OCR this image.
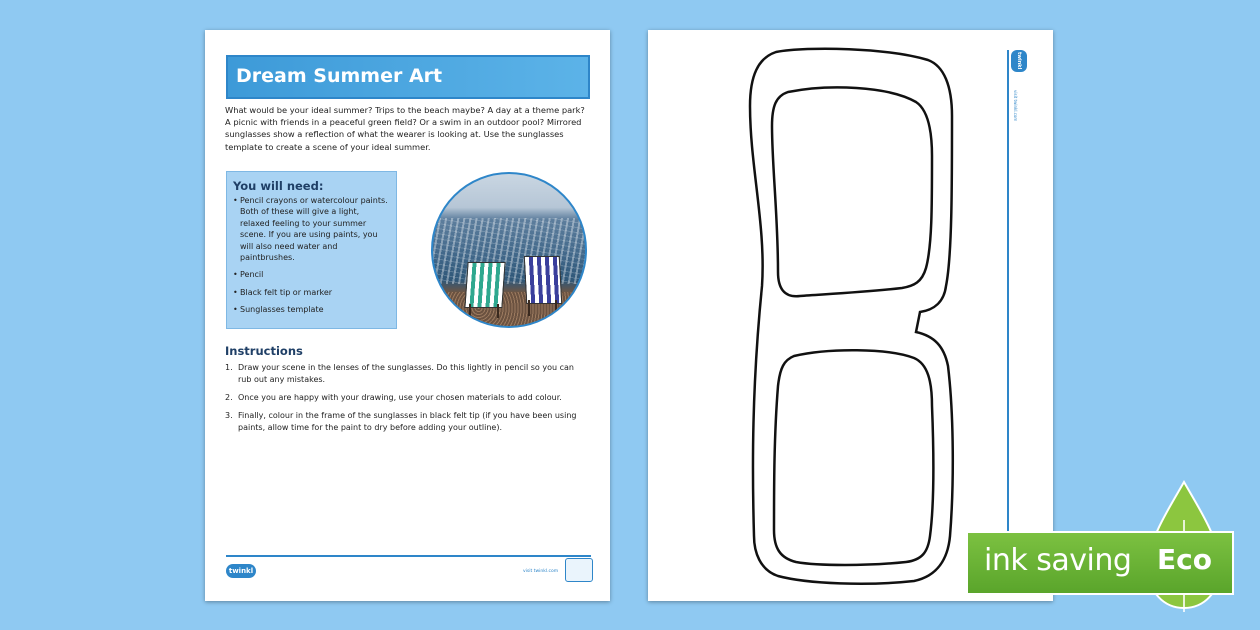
Dream Summer Art
What would be your ideal summer? Trips to the beach maybe? A day at a theme park? A picnic with friends in a peaceful green field? Or a swim in an outdoor pool? Mirrored sunglasses show a reflection of what the wearer is looking at. Use the sunglasses template to create a scene of your ideal summer.
You will need:
• Pencil crayons or watercolour paints. Both of these will give a light, relaxed feeling to your summer scene. If you are using paints, you will also need water and paintbrushes.
• Pencil
• Black felt tip or marker
• Sunglasses template
Instructions
1. Draw your scene in the lenses of the sunglasses. Do this lightly in pencil so you can rub out any mistakes.
2. Once you are happy with your drawing, use your chosen materials to add colour.
3. Finally, colour in the frame of the sunglasses in black felt tip (if you have been using paints, allow time for the paint to dry before adding your outline).
twinkl	visit twinkl.com
twinkl
visit twinkl.com
ink saving Eco
